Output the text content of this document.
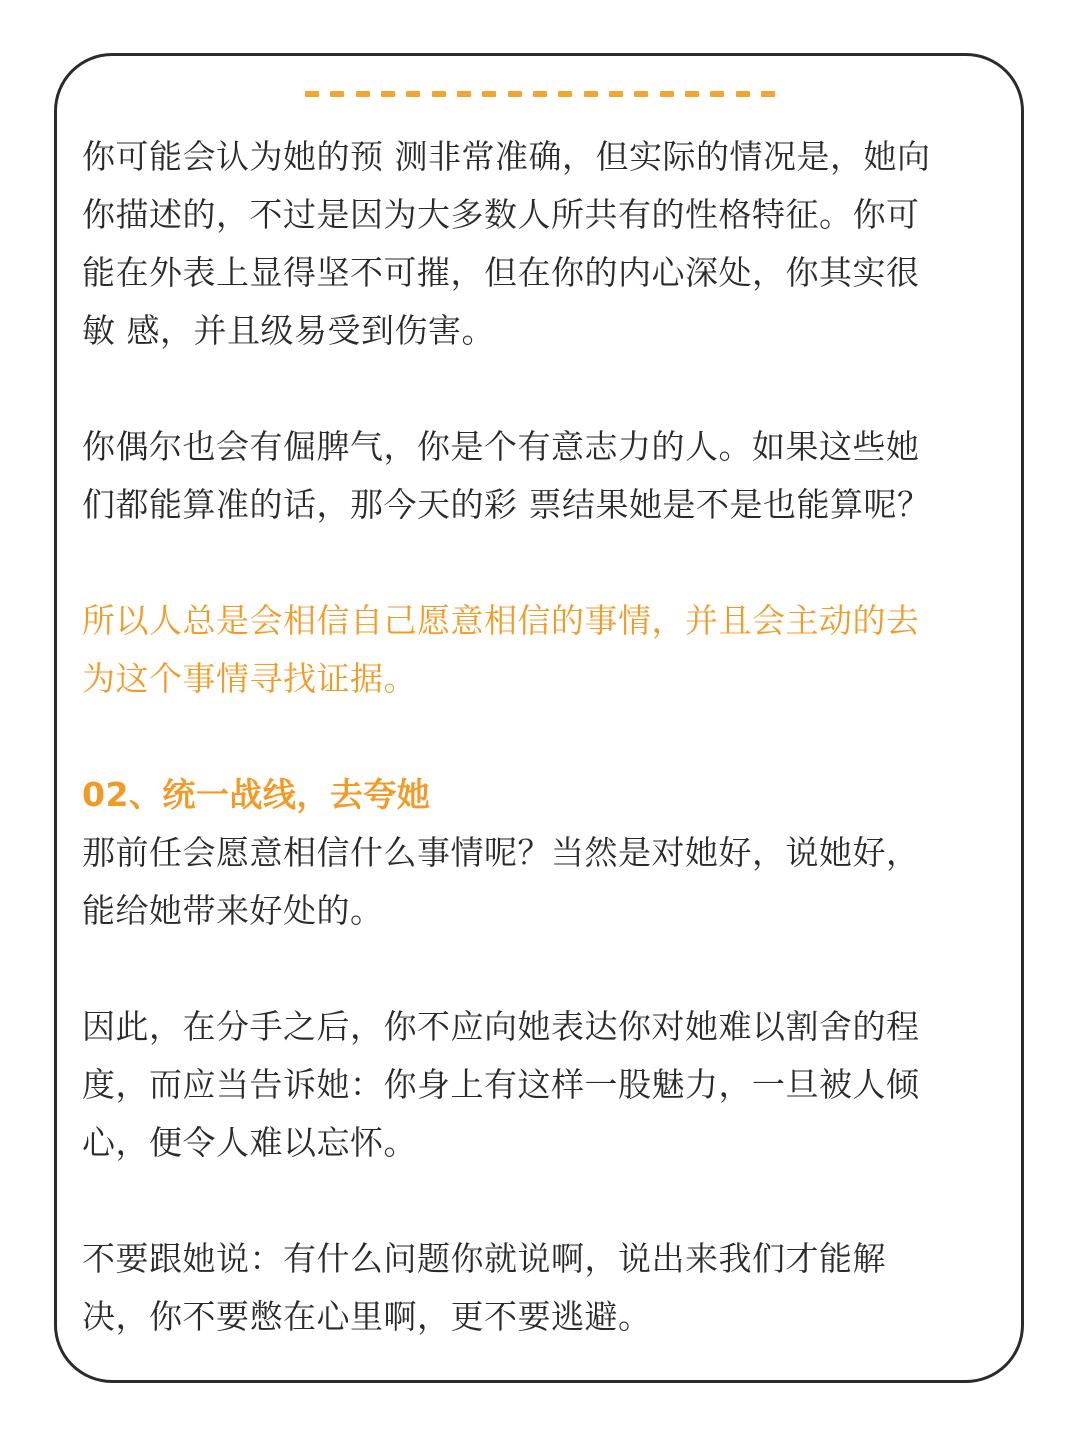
你可能会认为她的预 测非常准确，但实际的情况是，她向
你描述的，不过是因为大多数人所共有的性格特征。你可
能在外表上显得坚不可摧，但在你的内心深处，你其实很
敏 感，并且级易受到伤害。

你偶尔也会有倔脾气，你是个有意志力的人。如果这些她
们都能算准的话，那今天的彩 票结果她是不是也能算呢？

所以人总是会相信自己愿意相信的事情，并且会主动的去
为这个事情寻找证据。

02、统一战线，去夸她

那前任会愿意相信什么事情呢？当然是对她好，说她好，
能给她带来好处的。

因此，在分手之后，你不应向她表达你对她难以割舍的程
度，而应当告诉她：你身上有这样一股魅力，一旦被人倾
心，便令人难以忘怀。

不要跟她说：有什么问题你就说啊，说出来我们才能解
决，你不要憋在心里啊，更不要逃避。
